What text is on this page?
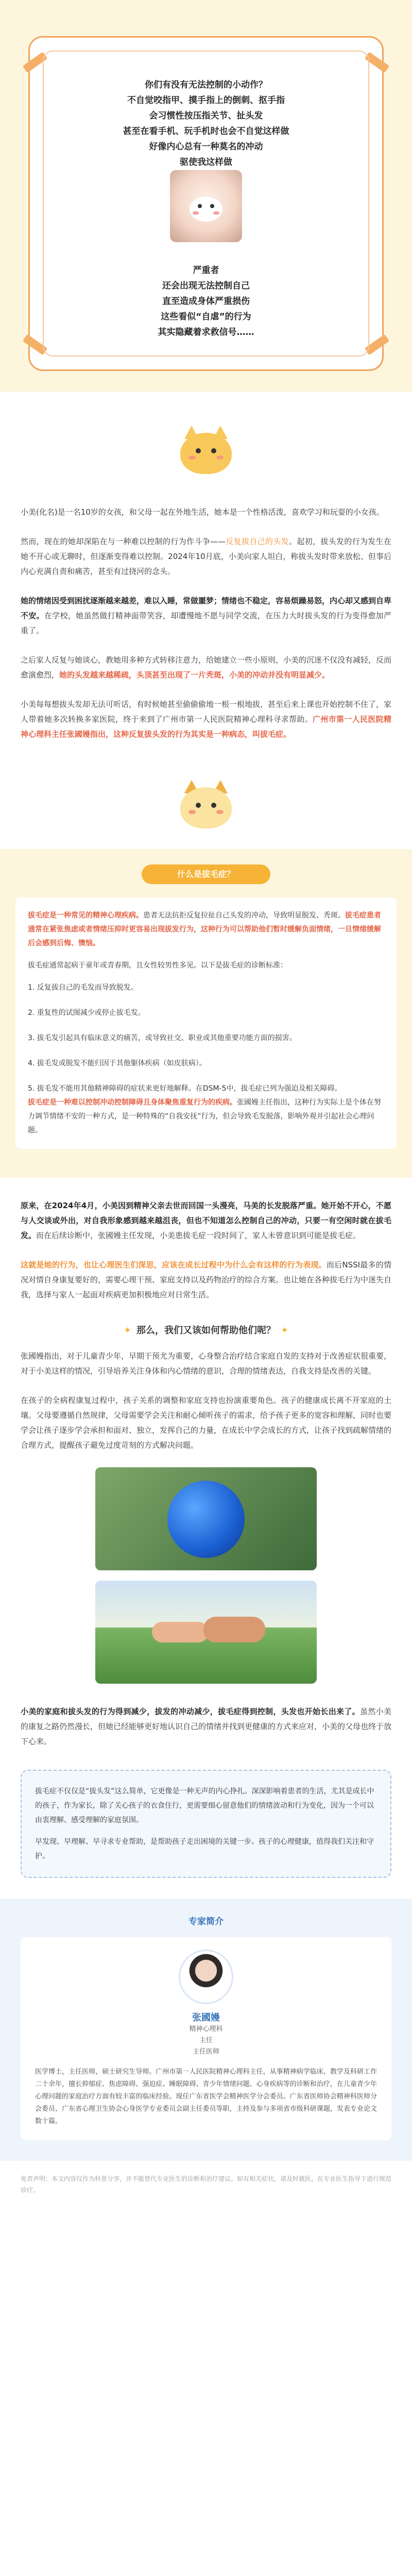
你们有没有无法控制的小动作？
不自觉咬指甲、摸手指上的倒刺、抠手指
会习惯性按压指关节、扯头发
甚至在看手机、玩手机时也会不自觉这样做
好像内心总有一种莫名的冲动
驱使我这样做
严重者
还会出现无法控制自己
直至造成身体严重损伤
这些看似“自虐”的行为
其实隐藏着求救信号……

小美(化名)是一名10岁的女孩，和父母一起在外地生活，她本是一个性格活泼，喜欢学习和玩耍的小女孩。

然而，现在的她却深陷在与一种难以控制的行为作斗争——反复拔自己的头发。起初，拔头发的行为发生在她不开心或无聊时，但逐渐变得难以控制。2024年10月底，小美向家人坦白，称拔头发时带来放松、但事后内心充满自责和痛苦，甚至有过挠河的念头。

她的情绪因受到困扰逐渐越来越差，难以入睡，常做噩梦；情绪也不稳定，容易烦躁易怒，内心却又感到自卑不安。在学校，她虽然做打精神面带笑容，却遭慢地不愿与同学交流，在压力大时拔头发的行为变得愈加严重了。

之后家人反复与她谈心，教她用多种方式转移注意力，给她建立一些小原则，小美的沉迷不仅没有减轻，反而愈演愈烈，她的头发越来越稀疏，头顶甚至出现了一片秃斑，小美的冲动并没有明显减少。

小美每每想拔头发却无法可听话，有时候她甚至偷偷偷地一根一根地拔，甚至后来上课也开始控制不住了，家人带着她多次转换多家医院，终于来到了广州市第一人民医院精神心理科寻求帮助。广州市第一人民医院精神心理科主任张國嫚指出，这种反复拔头发的行为其实是一种病态，叫拔毛症。

什么是拔毛症？

拔毛症是一种常见的精神心理疾病。患者无法抗拒反复拉扯自己头发的冲动，导致明显脱发、秃斑。拔毛症患者通常在紧张焦虑或者情绪压抑时更容易出现拔发行为，这种行为可以帮助他们暂时缓解负面情绪，一旦情绪缓解后会感到后悔、懊恼。

拔毛症通常起病于童年或青春期，且女性较男性多见。以下是拔毛症的诊断标准：

1. 反复拔自己的毛发而导致脱发。

2. 重复性的试图减少或停止拔毛发。

3. 拔毛发引起具有临床意义的痛苦，或导致社交、职业或其他重要功能方面的损害。

4. 拔毛发或脱发不能归因于其他躯体疾病（如皮肤病）。

5. 拔毛发不能用其他精神障碍的症状来更好地解释。在DSM-5中，拔毛症已列为强迫及相关障碍。

拔毛症是一种难以控制冲动控制障碍且身体聚焦重复行为的疾病。张國嫚主任指出，这种行为实际上是个体在努力调节情绪不安的一种方式，是一种特殊的“自我安抚”行为，但会导致毛发脱落，影响外观并引起社会心理问题。

原来，在2024年4月，小美因到精神父亲去世而回国一头漫亮，马美的长发脱落严重。她开始不开心，不愿与人交谈或外出，对自我形象感到越来越沮丧，但也不知道怎么控制自己的冲动，只要一有空闲时就在拔毛发。而在后续诊断中，张國嫚主任发现，小美患拔毛症一段时间了，家人未曾意识到可能是拔毛症。

这就是她的行为，也让心理医生们深思，应该在成长过程中为什么会有这样的行为表现。而后NSSI最多的情况对情自身康复要好的，需要心理干预、家庭支持以及药物治疗的综合方案。也让她在各种拔毛行为中迷失自我，选择与家人一起面对疾病更加积极地应对日常生活。

✦ 那么，我们又该如何帮助他们呢？ ✦

张國嫚指出，对于儿童青少年，早期干预尤为重要，心身整合治疗结合家庭自发的支持对于改善症状很重要，对于小美这样的情况，引导培养关注身体和内心情绪的意识，合理的情绪表达，自我支持是改善的关键。

在孩子的全病程康复过程中，孩子关系的调整和家庭支持也扮演重要角色。孩子的健康成长离不开家庭的土壤。父母要遵循自然规律，父母需要学会关注和耐心倾听孩子的需求，给予孩子更多的宽容和理解，同时也要学会让孩子逐步学会承担和面对、独立，发挥自己的力量，在成长中学会成长的方式，让孩子找到疏解情绪的合理方式，提醒孩子避免过度苛刻的方式解决问题。

小美的家庭和拔头发的行为得到减少，拔发的冲动减少，拔毛症得到控制，头发也开始长出来了。虽然小美的康复之路仍然漫长，但她已经能够更好地认识自己的情绪并找到更健康的方式来应对，小美的父母也终于放下心来。

拔毛症不仅仅是“拔头发”这么简单，它更像是一种无声的内心挣扎。深深影响着患者的生活，尤其是成长中的孩子，作为家长，除了关心孩子的衣食住行，更需要细心留意他们的情绪波动和行为变化，因为一个可以由衷理解、感受理解的家庭氛围。

早发现、早理解、早寻求专业帮助，是帮助孩子走出困境的关键一步。孩子的心理健康，值得我们关注和守护。

专家简介
张國嫚
精神心理科
主任
主任医师
医学博士，主任医师，硕士研究生导师。广州市第一人民医院精神心理科主任，从事精神病学临床、教学及科研工作二十余年，擅长抑郁症、焦虑障碍、强迫症、睡眠障碍、青少年情绪问题、心身疾病等的诊断和治疗，在儿童青少年心理问题的家庭治疗方面有较丰富的临床经验。现任广东省医学会精神医学分会委员、广东省医师协会精神科医师分会委员、广东省心理卫生协会心身医学专业委员会副主任委员等职，主持及参与多项省市级科研课题，发表专业论文数十篇。
免责声明：本文内容仅作为科普分享，并不能替代专业医生的诊断和治疗建议。如有相关症状，请及时就医，在专业医生指导下进行规范诊疗。
